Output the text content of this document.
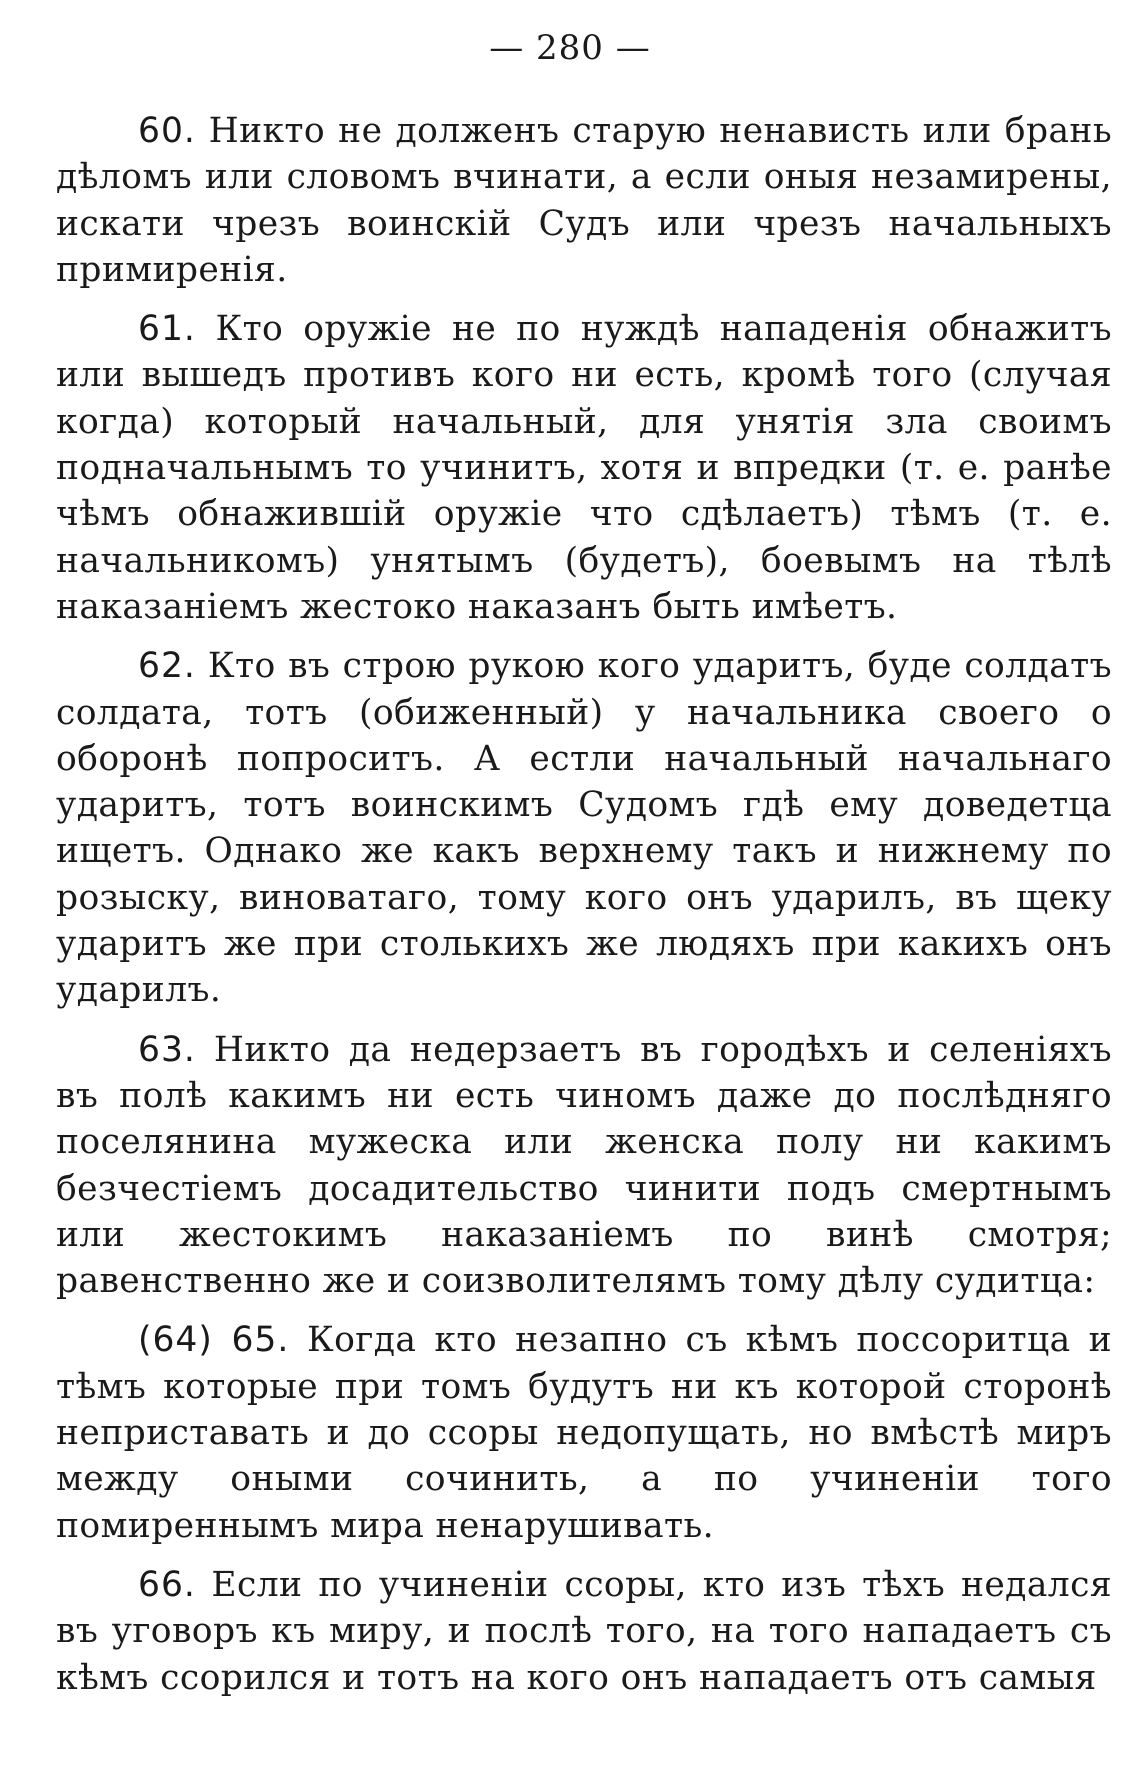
— 280 —

60. Никто не долженъ старую ненависть или брань дѣломъ или словомъ вчинати, а если оныя незамирены, искати чрезъ воинскій Судъ или чрезъ начальныхъ примиренія.

61. Кто оружіе не по нуждѣ нападенія обнажитъ или вышедъ противъ кого ни есть, кромѣ того (случая когда) который начальный, для унятія зла своимъ подначальнымъ то учинитъ, хотя и впредки (т. е. ранѣе чѣмъ обнажившій оружіе что сдѣлаетъ) тѣмъ (т. е. начальникомъ) унятымъ (будетъ), боевымъ на тѣлѣ наказаніемъ жестоко наказанъ быть имѣетъ.

62. Кто въ строю рукою кого ударитъ, буде солдатъ солдата, тотъ (обиженный) у начальника своего о оборонѣ попроситъ. А естли начальный начальнаго ударитъ, тотъ воинскимъ Судомъ гдѣ ему доведетца ищетъ. Однако же какъ верхнему такъ и нижнему по розыску, виноватаго, тому кого онъ ударилъ, въ щеку ударитъ же при столькихъ же людяхъ при какихъ онъ ударилъ.

63. Никто да недерзаетъ въ городѣхъ и селеніяхъ въ полѣ какимъ ни есть чиномъ даже до послѣдняго поселянина мужеска или женска полу ни какимъ безчестіемъ досадительство чинити подъ смертнымъ или жестокимъ наказаніемъ по винѣ смотря; равенственно же и соизволителямъ тому дѣлу судитца:

(64) 65. Когда кто незапно съ кѣмъ поссоритца и тѣмъ которые при томъ будутъ ни къ которой сторонѣ неприставать и до ссоры недопущать, но вмѣстѣ миръ между оными сочинить, а по учиненіи того помиреннымъ мира ненарушивать.

66. Если по учиненіи ссоры, кто изъ тѣхъ недался въ уговоръ къ миру, и послѣ того, на того нападаетъ съ кѣмъ ссорился и тотъ на кого онъ нападаетъ отъ самыя
